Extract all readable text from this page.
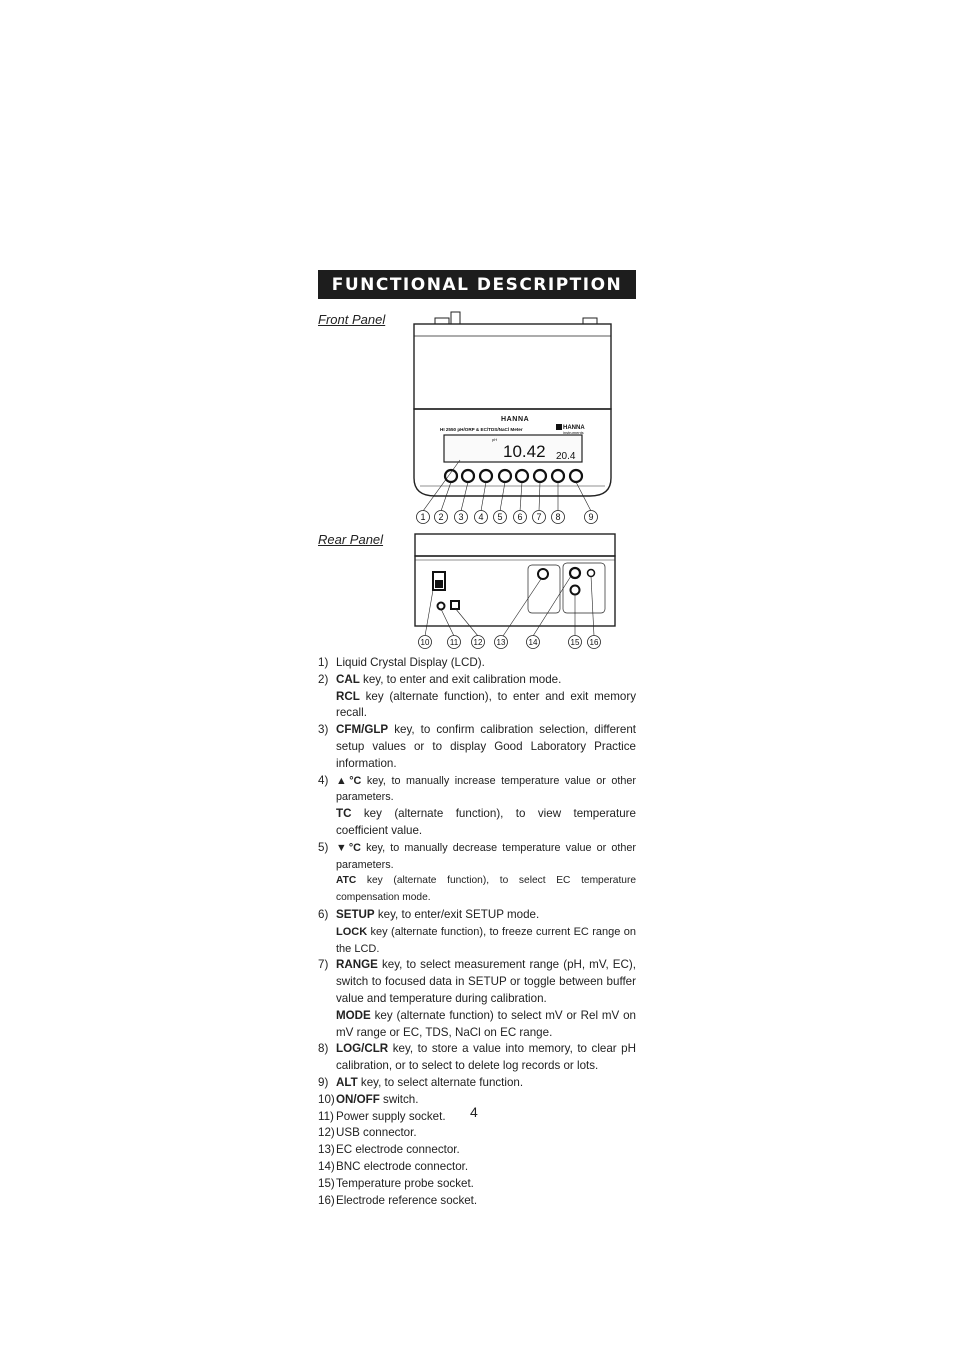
FUNCTIONAL DESCRIPTION
Front Panel
Rear Panel
HANNA
HANNA
instruments
HI 2550 pH/ORP & EC/TDS/NaCl Meter
pH
10.42 20.4
1 2 3 4 5 6 7 8	9
10	11 12 13	14	15 16
1) Liquid Crystal Display (LCD).
2) CAL key, to enter and exit calibration mode.
RCL key (alternate function), to enter and exit memory recall.
3) CFM/GLP key, to confirm calibration selection, different setup values or to display Good Laboratory Practice information.
4) ▲°C key, to manually increase temperature value or other parameters.
TC key (alternate function), to view temperature coefficient value.
5) ▼°C key, to manually decrease temperature value or other parameters.
ATC key (alternate function), to select EC temperature compensation mode.
6) SETUP key, to enter/exit SETUP mode.
LOCK key (alternate function), to freeze current EC range on the LCD.
7) RANGE key, to select measurement range (pH, mV, EC), switch to focused data in SETUP or toggle between buffer value and temperature during calibration.
MODE key (alternate function) to select mV or Rel mV on mV range or EC, TDS, NaCl on EC range.
8) LOG/CLR key, to store a value into memory, to clear pH calibration, or to select to delete log records or lots.
9) ALT key, to select alternate function.
10) ON/OFF switch.
11) Power supply socket.
12) USB connector.
13) EC electrode connector.
14) BNC electrode connector.
15) Temperature probe socket.
16) Electrode reference socket.
4
